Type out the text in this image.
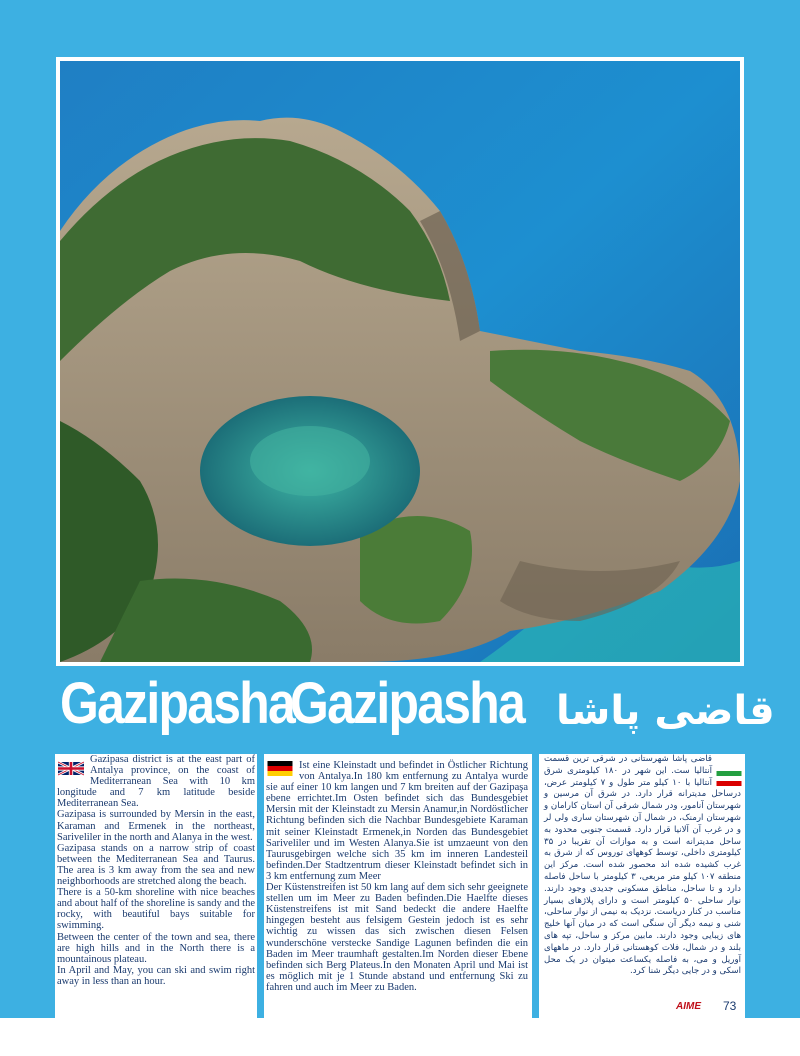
Gazipasha
Gazipasha قاضی پاشا

Gazipasa district is at the east part of Antalya province, on the coast of Mediterranean Sea with 10 km longitude and 7 km latitude beside Mediterranean Sea.

Gazipasa is surrounded by Mersin in the east, Karaman and Ermenek in the northeast, Sariveliler in the north and Alanya in the west.

Gazipasa stands on a narrow strip of coast between the Mediterranean Sea and Taurus. The area is 3 km away from the sea and new neighborhoods are stretched along the beach.

There is a 50-km shoreline with nice beaches and about half of the shoreline is sandy and the rocky, with beautiful bays suitable for swimming.

Between the center of the town and sea, there are high hills and in the North there is a mountainous plateau.

In April and May, you can ski and swim right away in less than an hour.

Ist eine Kleinstadt und befindet in Östlicher Richtung von Antalya.In 180 km entfernung zu Antalya wurde sie auf einer 10 km langen und 7 km breiten auf der Gazipaşa ebene errichtet.Im Osten befindet sich das Bundesgebiet Mersin mit der Kleinstadt zu Mersin Anamur,in Nordöstlicher Richtung befinden sich die Nachbar Bundesgebiete Karaman mit seiner Kleinstadt Ermenek,in Norden das Bundesgebiet Sariveliler und im Westen Alanya.Sie ist umzaeunt von den Taurusgebirgen welche sich 35 km im inneren Landesteil befinden.Der Stadtzentrum dieser Kleinstadt befindet sich in 3 km entfernung zum Meer

Der Küstenstreifen ist 50 km lang auf dem sich sehr geeignete stellen um im Meer zu Baden befinden.Die Haelfte dieses Küstenstreifens ist mit Sand bedeckt die andere Haelfte hingegen besteht aus felsigem Gestein jedoch ist es sehr wichtig zu wissen das sich zwischen diesen Felsen wunderschöne verstecke Sandige Lagunen befinden die ein Baden im Meer traumhaft gestalten.Im Norden dieser Ebene befinden sich Berg Plateus.In den Monaten April und Mai ist es möglich mit je 1 Stunde abstand und entfernung Ski zu fahren und auch im Meer zu Baden.

قاضی پاشا شهرستانی در شرقی ترین قسمت آنتالیا ست. این شهر در ۱۸۰ کیلومتری شرق آنتالیا با ۱۰ کیلو متر طول و ۷ کیلومتر عرض، درساحل مدیترانه قرار دارد. در شرق آن مرسین و شهرستان آنامور، ودر شمال شرقی آن استان کارامان و شهرستان ارمنک، در شمال آن شهرستان ساری ولی لر و در غرب آن آلانیا قرار دارد. قسمت جنوبی محدود به ساحل مدیترانه است و به موازات آن تقریبا در ۳۵ کیلومتری داخلی، توسط کوههای توروس که از شرق به غرب کشیده شده اند محصور شده است. مرکز این منطقه ۱۰۷ کیلو متر مربعی، ۳ کیلومتر با ساحل فاصله دارد و تا ساحل، مناطق مسکونی جدیدی وجود دارند. نوار ساحلی ۵۰ کیلومتر است و دارای پلاژهای بسیار مناسب در کنار دریاست. نزدیک به نیمی از نوار ساحلی، شنی و نیمه دیگر آن سنگی است که در میان آنها خلیج های زیبایی وجود دارند. مابین مرکز و ساحل، تپه های بلند و در شمال، فلات کوهستانی قرار دارد. در ماههای آوریل و می، به فاصله یکساعت میتوان در یک محل اسکی و در جایی دیگر شنا کرد.

AIME 73
